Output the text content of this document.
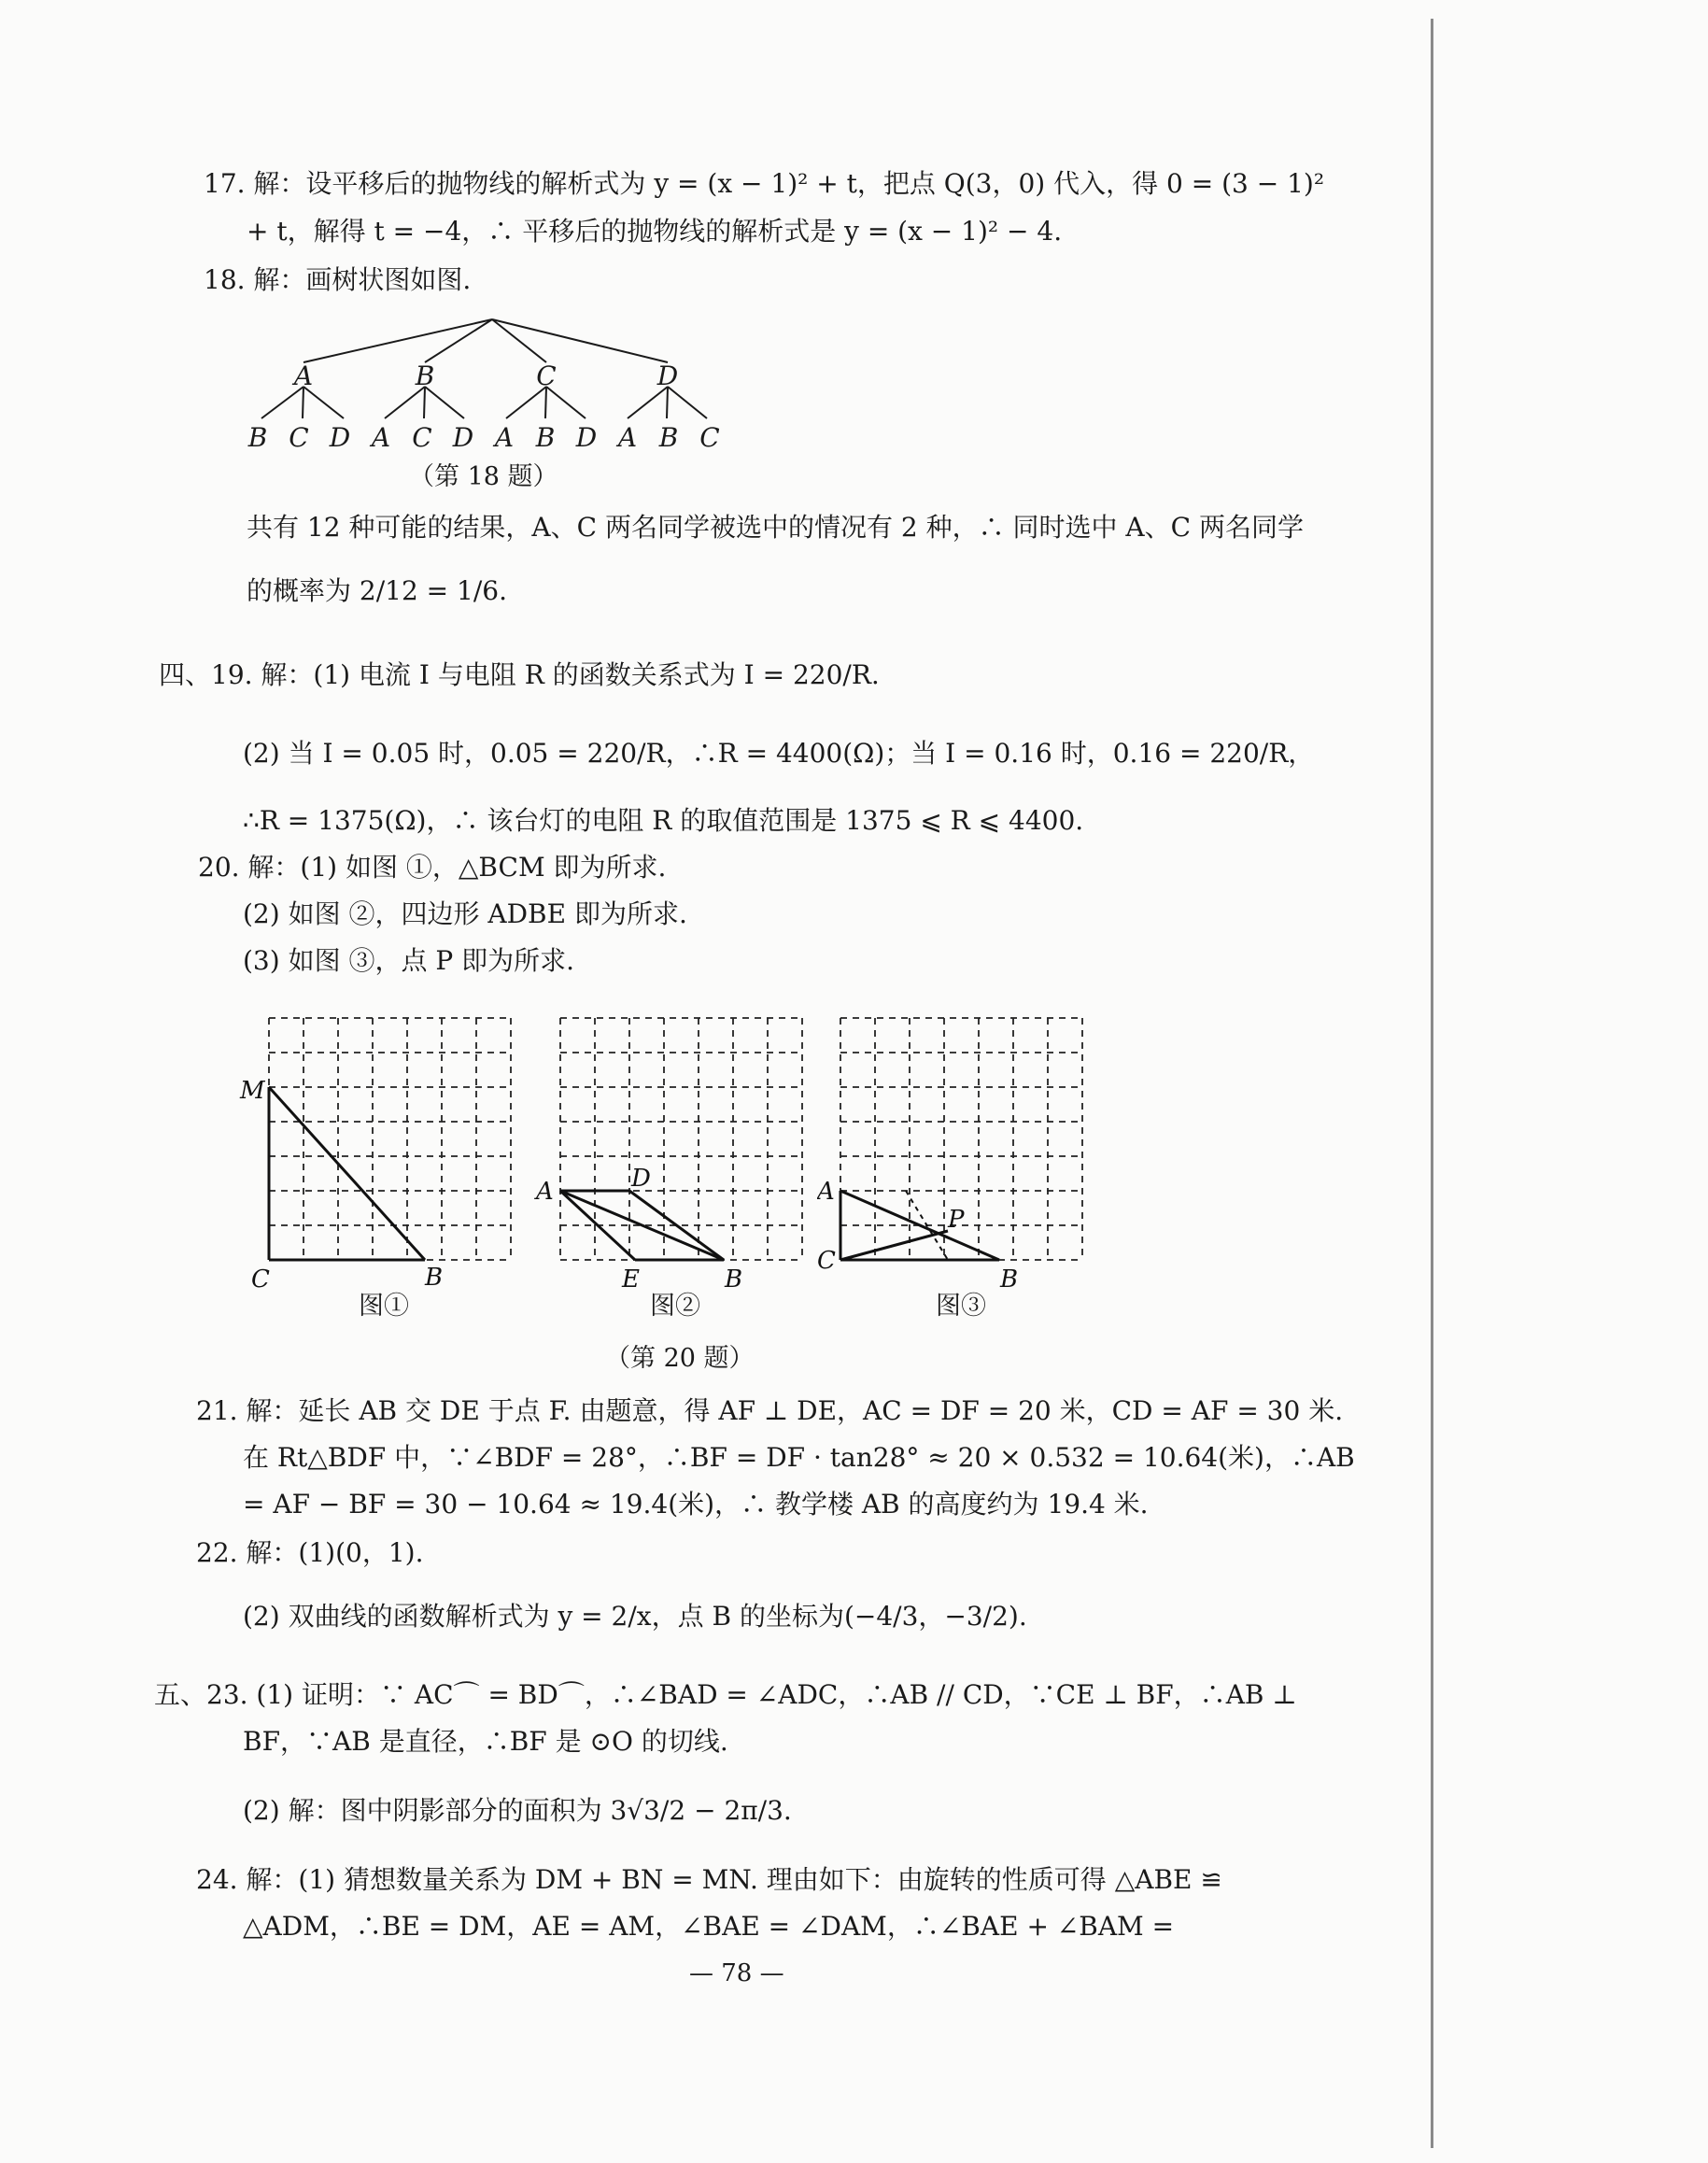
17. 解：设平移后的抛物线的解析式为 y = (x − 1)² + t，把点 Q(3，0) 代入，得 0 = (3 − 1)²
+ t，解得 t = −4，∴ 平移后的抛物线的解析式是 y = (x − 1)² − 4.
18. 解：画树状图如图.
A	B	C	D
B C D A C D A B D A B C
（第 18 题）
共有 12 种可能的结果，A、C 两名同学被选中的情况有 2 种，∴ 同时选中 A、C 两名同学
的概率为 2/12 = 1/6.
四、19. 解：(1) 电流 I 与电阻 R 的函数关系式为 I = 220/R.
(2) 当 I = 0.05 时，0.05 = 220/R，∴R = 4400(Ω)；当 I = 0.16 时，0.16 = 220/R，
∴R = 1375(Ω)，∴ 该台灯的电阻 R 的取值范围是 1375 ⩽ R ⩽ 4400.
20. 解：(1) 如图 ①，△BCM 即为所求.
(2) 如图 ②，四边形 ADBE 即为所求.
(3) 如图 ③，点 P 即为所求.
M
C	B
A	D
E	B
A
P
C
B
图①	图②	图③
（第 20 题）
21. 解：延长 AB 交 DE 于点 F. 由题意，得 AF ⊥ DE，AC = DF = 20 米，CD = AF = 30 米.
在 Rt△BDF 中，∵∠BDF = 28°，∴BF = DF · tan28° ≈ 20 × 0.532 = 10.64(米)，∴AB
= AF − BF = 30 − 10.64 ≈ 19.4(米)，∴ 教学楼 AB 的高度约为 19.4 米.
22. 解：(1)(0，1).
(2) 双曲线的函数解析式为 y = 2/x，点 B 的坐标为(−4/3，−3/2).
五、23. (1) 证明：∵ AC⌒ = BD⌒，∴∠BAD = ∠ADC，∴AB // CD，∵CE ⊥ BF，∴AB ⊥
BF，∵AB 是直径，∴BF 是 ⊙O 的切线.
(2) 解：图中阴影部分的面积为 3√3/2 − 2π/3.
24. 解：(1) 猜想数量关系为 DM + BN = MN. 理由如下：由旋转的性质可得 △ABE ≌
△ADM，∴BE = DM，AE = AM，∠BAE = ∠DAM，∴∠BAE + ∠BAM =
— 78 —
